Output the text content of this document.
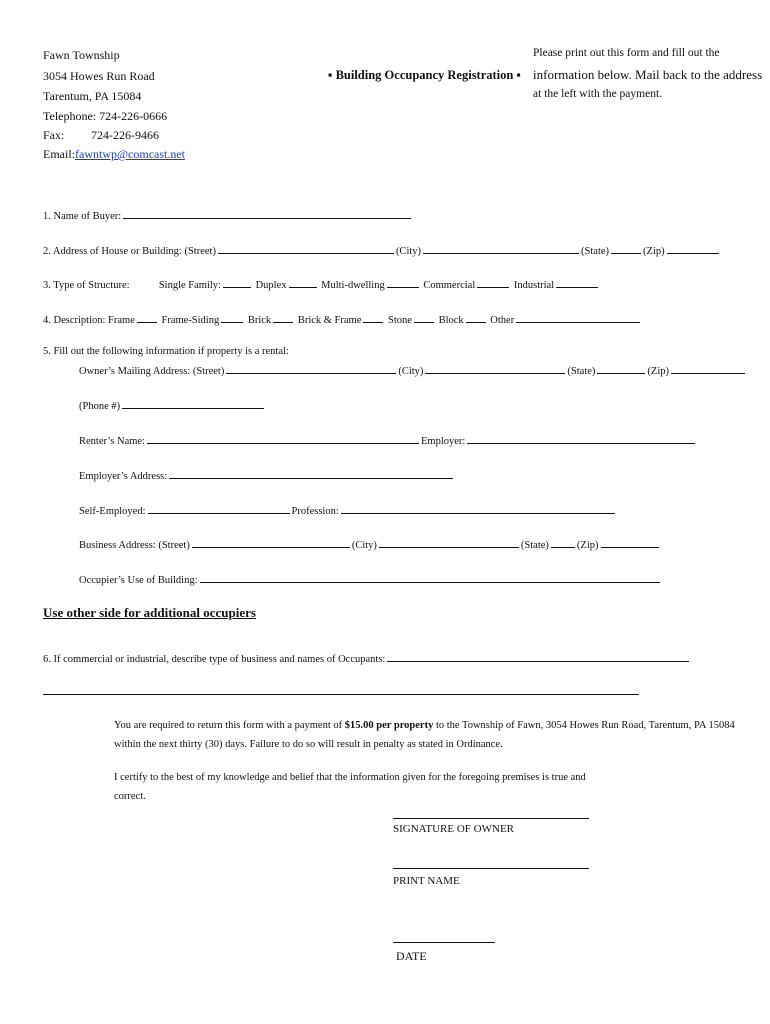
Fawn Township
3054 Howes Run Road
Tarentum, PA 15084
Telephone: 724-226-0666
Fax: 724-226-9466
Email: fawntwp@comcast.net
▪ Building Occupancy Registration ▪
Please print out this form and fill out the
information below. Mail back to the address
at the left with the payment.
1. Name of Buyer:
2. Address of House or Building: (Street)	(City)	(State)	(Zip)
3. Type of Structure:	Single Family:	Duplex	Multi-dwelling	Commercial	Industrial
4. Description: Frame	Frame-Siding	Brick	Brick & Frame	Stone	Block	Other
5. Fill out the following information if property is a rental:
Owner’s Mailing Address: (Street)	(City)	(State)	(Zip)
(Phone #)
Renter’s Name:	Employer:
Employer’s Address:
Self-Employed:	Profession:
Business Address: (Street)	(City)	(State)	(Zip)
Occupier’s Use of Building:
Use other side for additional occupiers
6. If commercial or industrial, describe type of business and names of Occupants:
You are required to return this form with a payment of $15.00 per property to the Township of Fawn, 3054 Howes Run Road, Tarentum, PA 15084
within the next thirty (30) days. Failure to do so will result in penalty as stated in Ordinance.
I certify to the best of my knowledge and belief that the information given for the foregoing premises is true and
correct.
SIGNATURE OF OWNER
PRINT NAME
DATE
